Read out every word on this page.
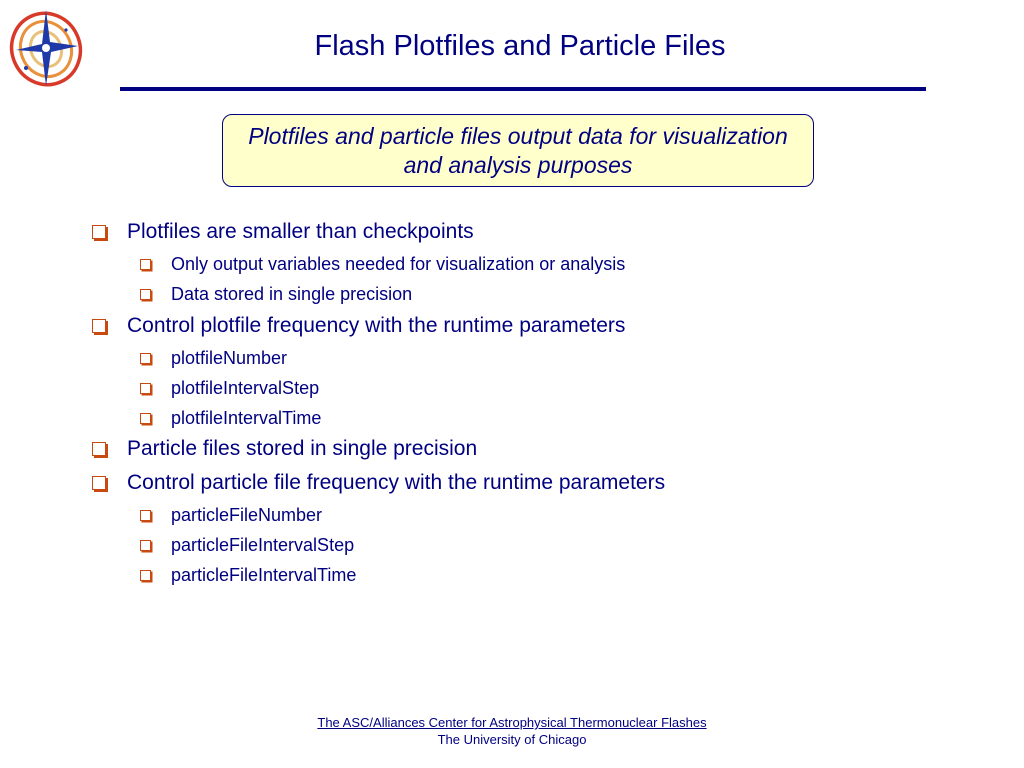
Flash Plotfiles and Particle Files
Plotfiles and particle files output data for visualization and analysis purposes
Plotfiles are smaller than checkpoints
Only output variables needed for visualization or analysis
Data stored in single precision
Control plotfile frequency with the runtime parameters
plotfileNumber
plotfileIntervalStep
plotfileIntervalTime
Particle files stored in single precision
Control particle file frequency with the runtime parameters
particleFileNumber
particleFileIntervalStep
particleFileIntervalTime
The ASC/Alliances Center for Astrophysical Thermonuclear Flashes
The University of Chicago
